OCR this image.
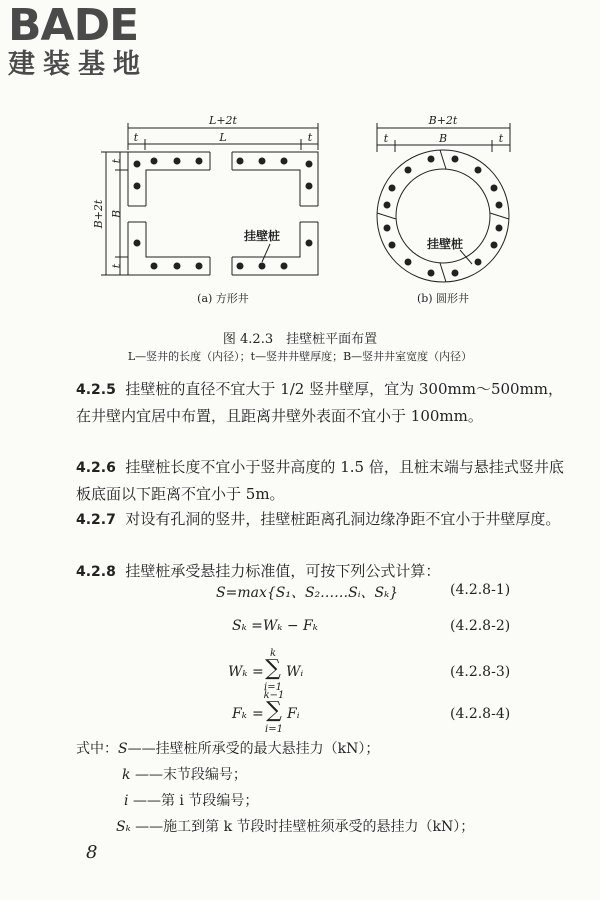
BADE
建装基地
L+2t
t	L	t
B+2t
t
B
t
挂壁桩
(a) 方形井
B+2t
t	B	t
挂壁桩
(b) 圆形井
图 4.2.3　挂壁桩平面布置
L—竖井的长度（内径）；t—竖井井壁厚度；B—竖井井室宽度（内径）
4.2.5 挂壁桩的直径不宜大于 1/2 竖井壁厚，宜为 300mm～500mm，在井壁内宜居中布置，且距离井壁外表面不宜小于 100mm。
4.2.6 挂壁桩长度不宜小于竖井高度的 1.5 倍，且桩末端与悬挂式竖井底板底面以下距离不宜小于 5m。
4.2.7 对设有孔洞的竖井，挂壁桩距离孔洞边缘净距不宜小于井壁厚度。
4.2.8 挂壁桩承受悬挂力标准值，可按下列公式计算：
S=max{S₁、S₂……Sᵢ、Sₖ}	(4.2.8-1)
Sₖ =Wₖ − Fₖ	(4.2.8-2)
Wₖ =
k
∑
i=1
Wᵢ	(4.2.8-3)
Fₖ =
k−1
∑
i=1
Fᵢ	(4.2.8-4)
式中：S——挂壁桩所承受的最大悬挂力（kN）；
k ——末节段编号；
i ——第 i 节段编号；
Sₖ ——施工到第 k 节段时挂壁桩须承受的悬挂力（kN）；
8
